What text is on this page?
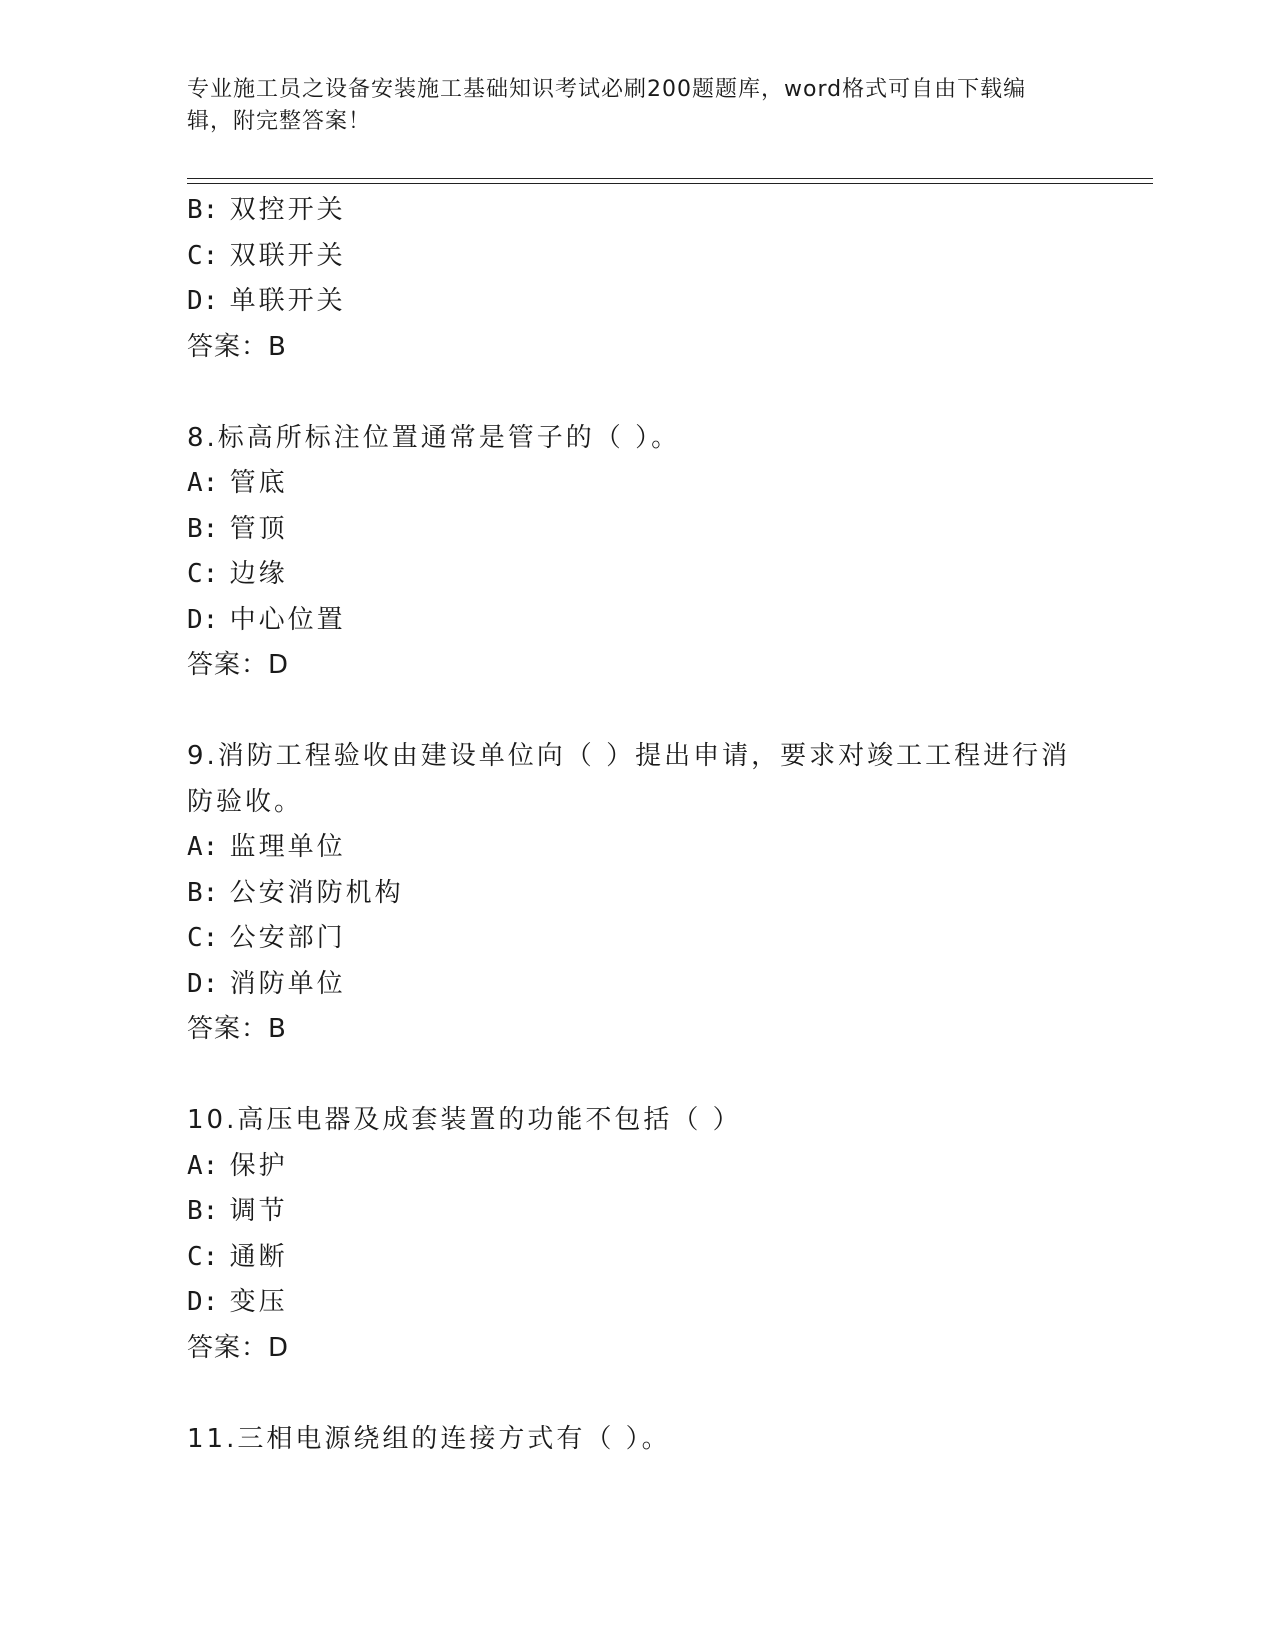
专业施工员之设备安装施工基础知识考试必刷200题题库，word格式可自由下载编辑，附完整答案！
B: 双控开关
C: 双联开关
D: 单联开关
答案：B
8.标高所标注位置通常是管子的（ ）。
A: 管底
B: 管顶
C: 边缘
D: 中心位置
答案：D
9.消防工程验收由建设单位向（ ）提出申请，要求对竣工工程进行消防验收。
A: 监理单位
B: 公安消防机构
C: 公安部门
D: 消防单位
答案：B
10.高压电器及成套装置的功能不包括（ ）
A: 保护
B: 调节
C: 通断
D: 变压
答案：D
11.三相电源绕组的连接方式有（ ）。
